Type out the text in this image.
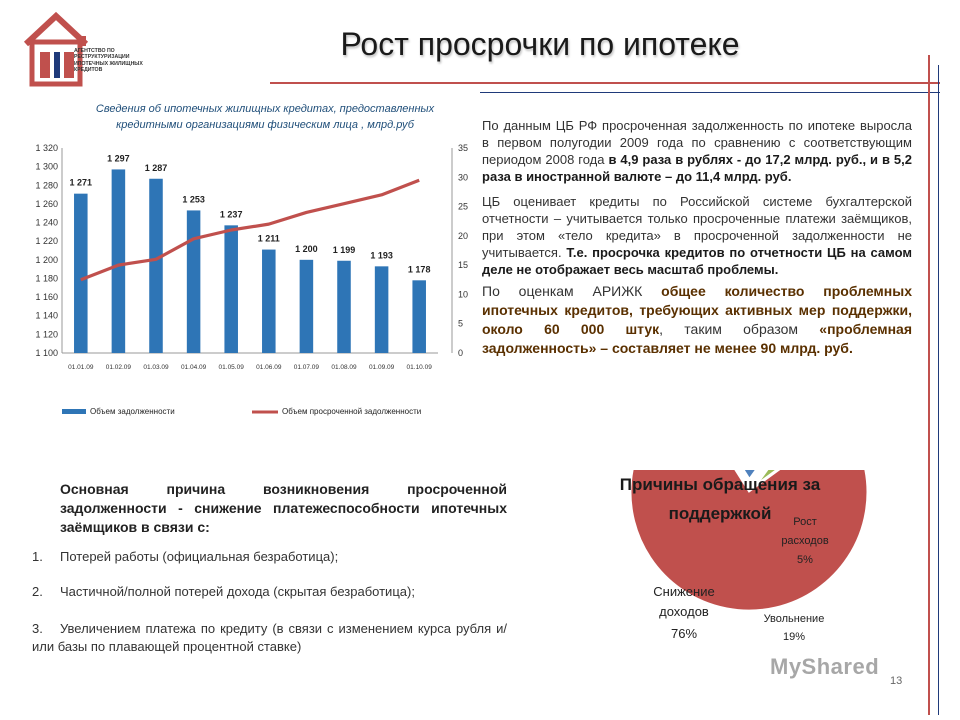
АГЕНТСТВО ПО РЕСТРУКТУРИЗАЦИИ ИПОТЕЧНЫХ ЖИЛИЩНЫХ КРЕДИТОВ
Рост просрочки по ипотеке
Сведения об ипотечных жилищных кредитах, предоставленных кредитными организациями физическим лица , млрд.руб
1 100
1 120
1 140
1 160
1 180
1 200
1 220
1 240
1 260
1 280
1 300
1 320
0
5
10
15
20
25
30
35
1 271
01.01.09
1 297
01.02.09
1 287
01.03.09
1 253
01.04.09
1 237
01.05.09
1 211
01.06.09
1 200
01.07.09
1 199
01.08.09
1 193
01.09.09
1 178
01.10.09
Объем задолженности	Объем просроченной задолженности

По данным ЦБ РФ просроченная задолженность по ипотеке выросла в первом полугодии 2009 года по сравнению с соответствующим периодом 2008 года в 4,9 раза в рублях - до 17,2 млрд. руб., и в 5,2 раза в иностранной валюте – до 11,4 млрд. руб.

ЦБ оценивает кредиты по Российской системе бухгалтерской отчетности – учитывается только просроченные платежи заёмщиков, при этом «тело кредита» в просроченной задолженности не учитывается. Т.е. просрочка кредитов по отчетности ЦБ на самом деле не отображает весь масштаб проблемы.

По оценкам АРИЖК общее количество проблемных ипотечных кредитов, требующих активных мер поддержки, около 60 000 штук, таким образом «проблемная задолженность» – составляет не менее 90 млрд. руб.

Основная причина возникновения просроченной задолженности - снижение платежеспособности ипотечных заёмщиков в связи с:
1. Потерей работы (официальная безработица);
2. Частичной/полной потерей дохода (скрытая безработица);
3. Увеличением платежа по кредиту (в связи с изменением курса рубля и/или базы по плавающей процентной ставке)
Снижение
доходов
76%
Увольнение
19%
Рост
расходов
5%
Причины обращения за поддержкой
MyShared
13
